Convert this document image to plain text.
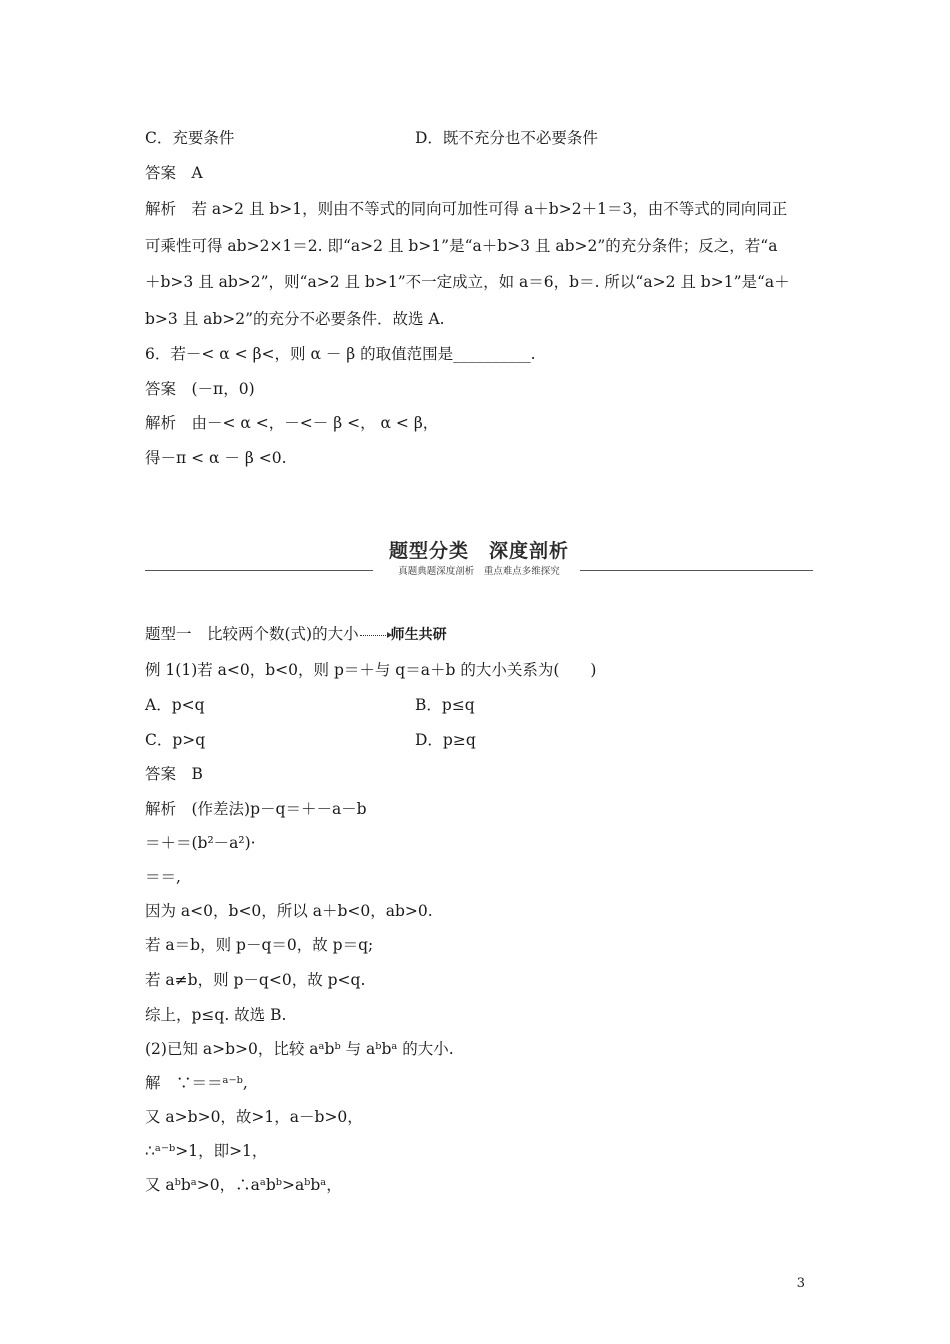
C．充要条件	D．既不充分也不必要条件
答案　A
解析　若 a>2 且 b>1，则由不等式的同向可加性可得 a＋b>2＋1＝3，由不等式的同向同正
可乘性可得 ab>2×1＝2. 即“a>2 且 b>1”是“a＋b>3 且 ab>2”的充分条件；反之，若“a
＋b>3 且 ab>2”，则“a>2 且 b>1”不一定成立，如 a＝6，b＝. 所以“a>2 且 b>1”是“a＋
b>3 且 ab>2”的充分不必要条件．故选 A.
6．若－< α < β<，则 α － β 的取值范围是__________.
答案　(－π，0)
解析　由－< α <，－<－ β <， α < β，
得－π < α － β <0.
题型分类　深度剖析
真题典题深度剖析　重点难点多维探究
题型一　比较两个数(式)的大小 师生共研
例 1(1)若 a<0，b<0，则 p＝＋与 q＝a＋b 的大小关系为(　　)
A．p<q	B．p≤q
C．p>q	D．p≥q
答案　B
解析　(作差法)p－q＝＋－a－b
＝＋＝(b²－a²)·
＝＝,
因为 a<0，b<0，所以 a＋b<0，ab>0.
若 a＝b，则 p－q＝0，故 p＝q;
若 a≠b，则 p－q<0，故 p<q.
综上，p≤q. 故选 B.
(2)已知 a>b>0，比较 aᵃbᵇ 与 aᵇbᵃ 的大小.
解　∵＝＝ᵃ⁻ᵇ,
又 a>b>0，故>1，a－b>0，
∴ᵃ⁻ᵇ>1，即>1，
又 aᵇbᵃ>0，∴aᵃbᵇ>aᵇbᵃ，
3
